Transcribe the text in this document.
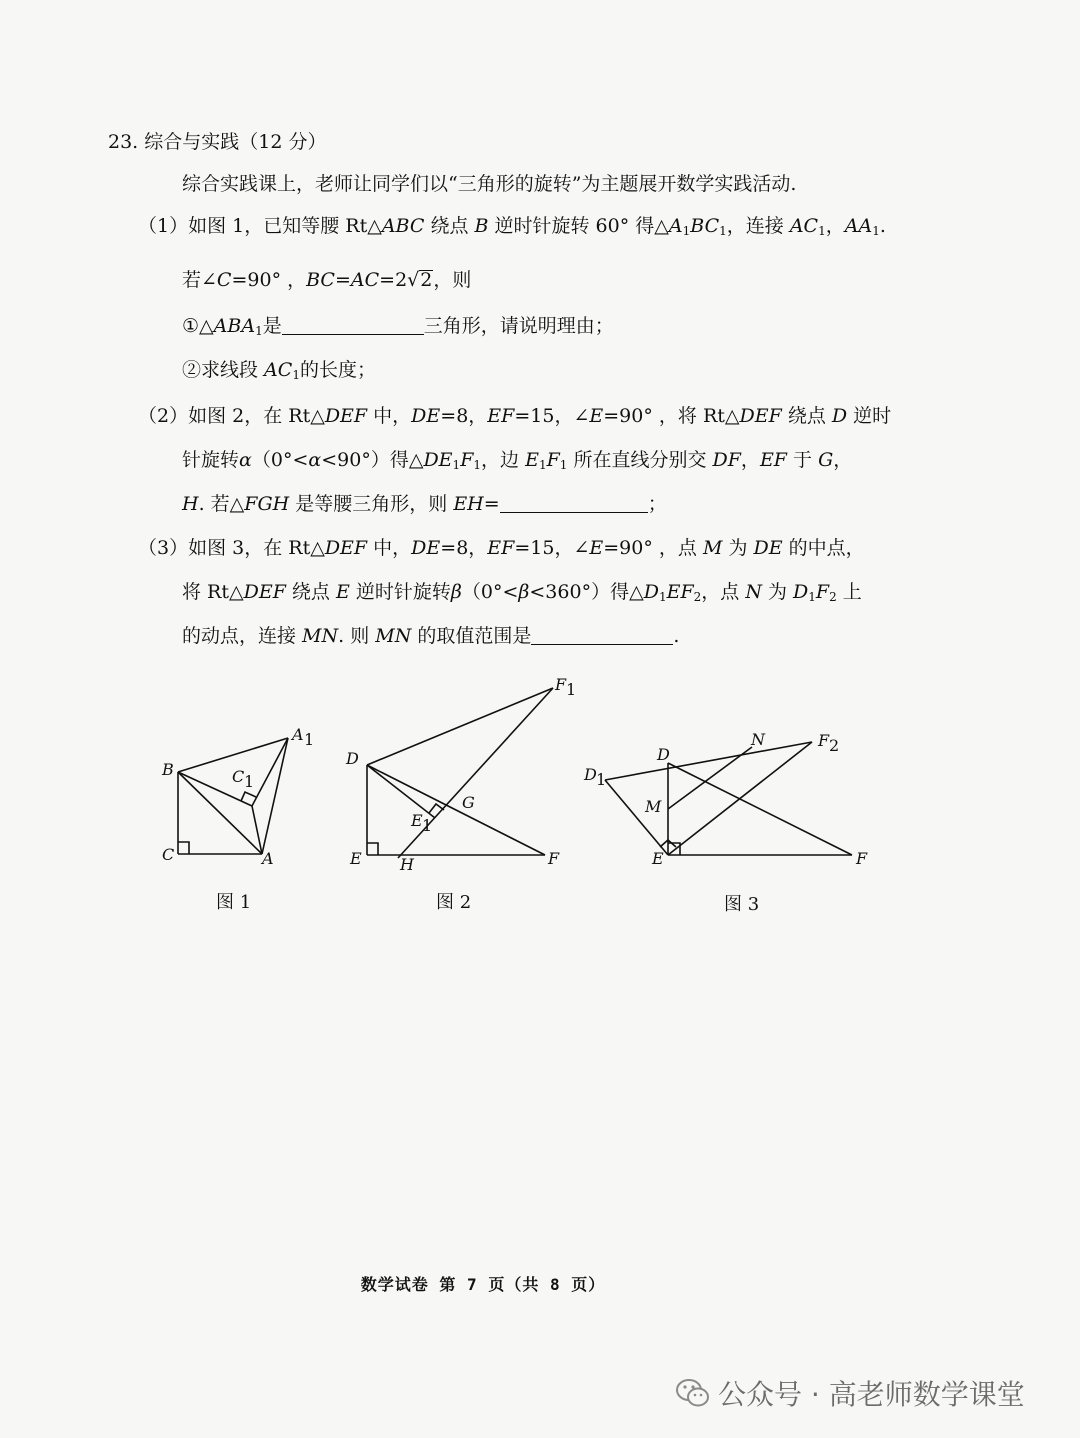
23. 综合与实践（12 分）
综合实践课上，老师让同学们以“三角形的旋转”为主题展开数学实践活动.
（1）如图 1，已知等腰 Rt△ABC 绕点 B 逆时针旋转 60° 得$\triangle A_1BC_1$，连接 $AC_1$，$AA_1$.
若∠C=90° ，BC=AC=2√2，则
$①\triangle ABA_1$是	三角形，请说明理由；
②求线段 $AC_1$的长度；
（2）如图 2，在 Rt△DEF 中，DE=8，EF=15，∠E=90° ，将 Rt△DEF 绕点 D 逆时
针旋转α（0°<α<90°）得$\triangle DE_1F_1$，边 $E_1F_1$ 所在直线分别交 DF，EF 于 G，
H. 若△FGH 是等腰三角形，则 EH=	；
（3）如图 3，在 Rt△DEF 中，DE=8，EF=15，∠E=90° ，点 M 为 DE 的中点，
将 Rt△DEF 绕点 E 逆时针旋转β（0°<β<360°）得$\triangle D_1EF_2$，点 N 为 $D_1F_2$ 上
的动点，连接 MN. 则 MN 的取值范围是	.
A 1
B	C 1
C	A
F 1
D
G
E 1
E H	F
D
N	F 2
D 1
M
E	F
图 1	图 2	图 3
数学试卷 第 7 页（共 8 页）
公众号 · 高老师数学课堂
